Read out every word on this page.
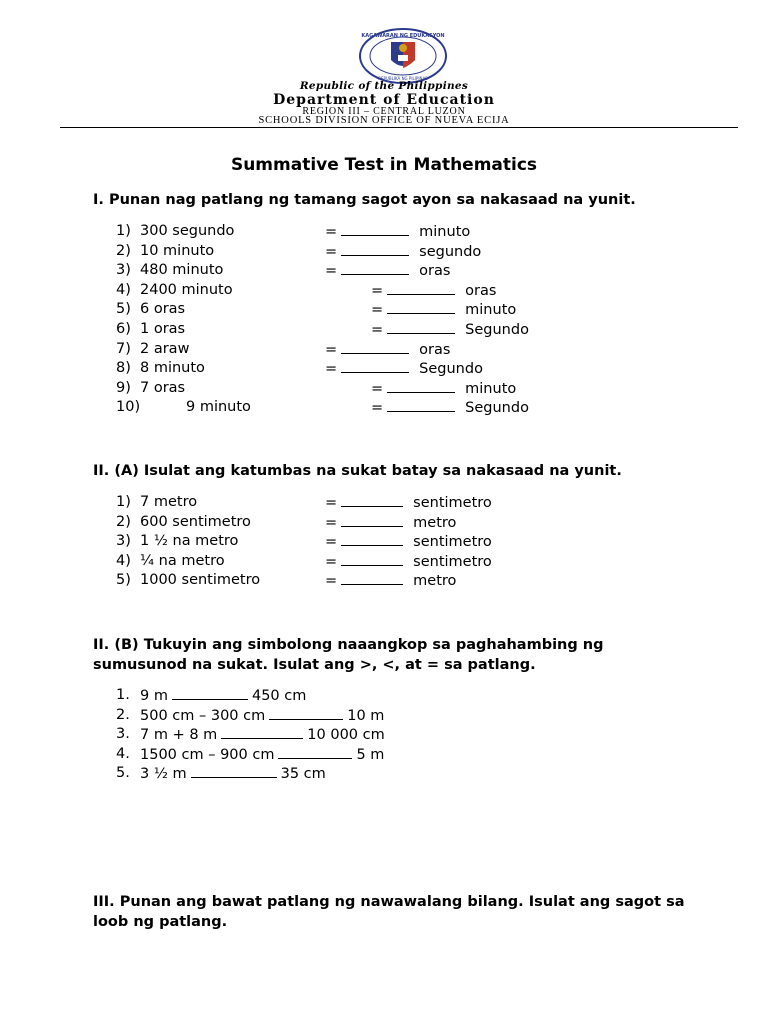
KAGAWARAN NG EDUKASYON
REPUBLIKA NG PILIPINAS
Republic of the Philippines
Department of Education
REGION III – CENTRAL LUZON
SCHOOLS DIVISION OFFICE OF NUEVA ECIJA
Summative Test in Mathematics
I. Punan nag patlang ng tamang sagot ayon sa nakasaad na yunit.
1) 300 segundo	=	minuto
2) 10 minuto	=	segundo
3) 480 minuto	=	oras
4) 2400 minuto	=	oras
5) 6 oras	=	minuto
6) 1 oras	=	Segundo
7) 2 araw	=	oras
8) 8 minuto	=	Segundo
9) 7 oras	=	minuto
10)	9 minuto	=	Segundo
II. (A) Isulat ang katumbas na sukat batay sa nakasaad na yunit.
1) 7 metro	=	sentimetro
2) 600 sentimetro	=	metro
3) 1 ½ na metro	=	sentimetro
4) ¼ na metro	=	sentimetro
5) 1000 sentimetro	=	metro
II. (B) Tukuyin ang simbolong naaangkop sa paghahambing ng sumusunod na sukat. Isulat ang >, <, at = sa patlang.
1. 9 m	450 cm
2. 500 cm – 300 cm	10 m
3. 7 m + 8 m	10 000 cm
4. 1500 cm – 900 cm	5 m
5. 3 ½ m	35 cm
III. Punan ang bawat patlang ng nawawalang bilang. Isulat ang sagot sa loob ng patlang.
